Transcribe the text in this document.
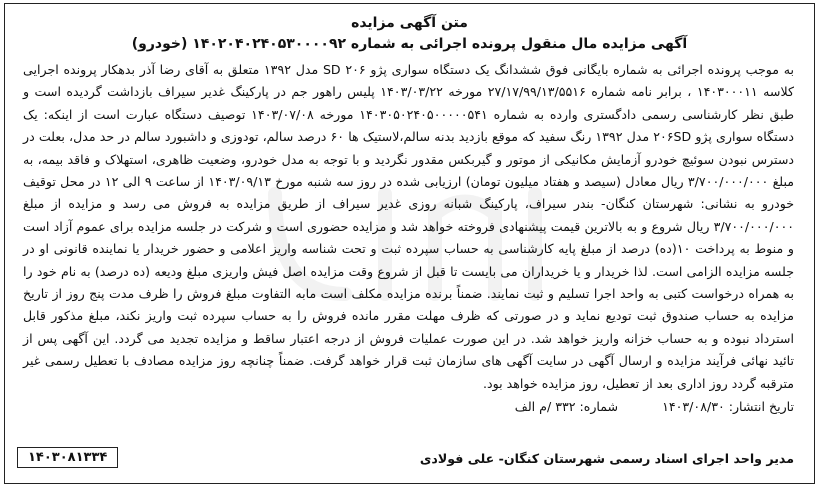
متن آگهی مزایده
آگهی مزایده مال منقول پرونده اجرائی به شماره ۱۴۰۲۰۴۰۲۴۰۵۳۰۰۰۰۹۲ (خودرو)
به موجب پرونده اجرائی به شماره بایگانی فوق ششدانگ یک دستگاه سواری پژو ۲۰۶ SD مدل ۱۳۹۲ متعلق به آقای رضا آذر بدهکار پرونده اجرایی کلاسه ۱۴۰۳۰۰۰۱۱ ، برابر نامه شماره ۲۷/۱۷/۹۹/۱۳/۵۵۱۶ مورخه ۱۴۰۳/۰۳/۲۲ پلیس راهور جم در پارکینگ غدیر سیراف بازداشت گردیده است و طبق نظر کارشناسی رسمی دادگستری وارده به شماره ۱۴۰۳۰۵۰۲۴۰۵۰۰۰۰۰۵۴۱ مورخه ۱۴۰۳/۰۷/۰۸ توصیف دستگاه عبارت است از اینکه: یک دستگاه سواری پژو ۲۰۶SD مدل ۱۳۹۲ رنگ سفید که موقع بازدید بدنه سالم،لاستیک ها ۶۰ درصد سالم، تودوزی و داشبورد سالم در حد مدل، بعلت در دسترس نبودن سوئیچ خودرو آزمایش مکانیکی از موتور و گیربکس مقدور نگردید و با توجه به مدل خودرو، وضعیت ظاهری، استهلاک و فاقد بیمه، به مبلغ ۳/۷۰۰/۰۰۰/۰۰۰ ریال معادل (سیصد و هفتاد میلیون تومان) ارزیابی شده در روز سه شنبه مورخ ۱۴۰۳/۰۹/۱۳ از ساعت ۹ الی ۱۲ در محل توقیف خودرو به نشانی: شهرستان کنگان- بندر سیراف، پارکینگ شبانه روزی غدیر سیراف از طریق مزایده به فروش می رسد و مزایده از مبلغ ۳/۷۰۰/۰۰۰/۰۰۰ ریال شروع و به بالاترین قیمت پیشنهادی فروخته خواهد شد و مزایده حضوری است و شرکت در جلسه مزایده برای عموم آزاد است و منوط به پرداخت ۱۰(ده) درصد از مبلغ پایه کارشناسی به حساب سپرده ثبت و تحت شناسه واریز اعلامی و حضور خریدار یا نماینده قانونی او در جلسه مزایده الزامی است. لذا خریدار و یا خریداران می بایست تا قبل از شروع وقت مزایده اصل فیش واریزی مبلغ ودیعه (ده درصد) به نام خود را به همراه درخواست کتبی به واحد اجرا تسلیم و ثبت نمایند. ضمناً برنده مزایده مکلف است مابه التفاوت مبلغ فروش را ظرف مدت پنج روز از تاریخ مزایده به حساب صندوق ثبت تودیع نماید و در صورتی که ظرف مهلت مقرر مانده فروش را به حساب سپرده ثبت واریز نکند، مبلغ مذکور قابل استرداد نبوده و به حساب خزانه واریز خواهد شد. در این صورت عملیات فروش از درجه اعتبار ساقط و مزایده تجدید می گردد. این آگهی پس از تائید نهائی فرآیند مزایده و ارسال آگهی در سایت آگهی های سازمان ثبت قرار خواهد گرفت. ضمناً چنانچه روز مزایده مصادف با تعطیل رسمی غیر مترقبه گردد روز اداری بعد از تعطیل، روز مزایده خواهد بود.
تاریخ انتشار: ۱۴۰۳/۰۸/۳۰ شماره: ۳۳۲ /م الف
مدیر واحد اجرای اسناد رسمی شهرستان کنگان- علی فولادی
۱۴۰۳۰۸۱۳۳۴
